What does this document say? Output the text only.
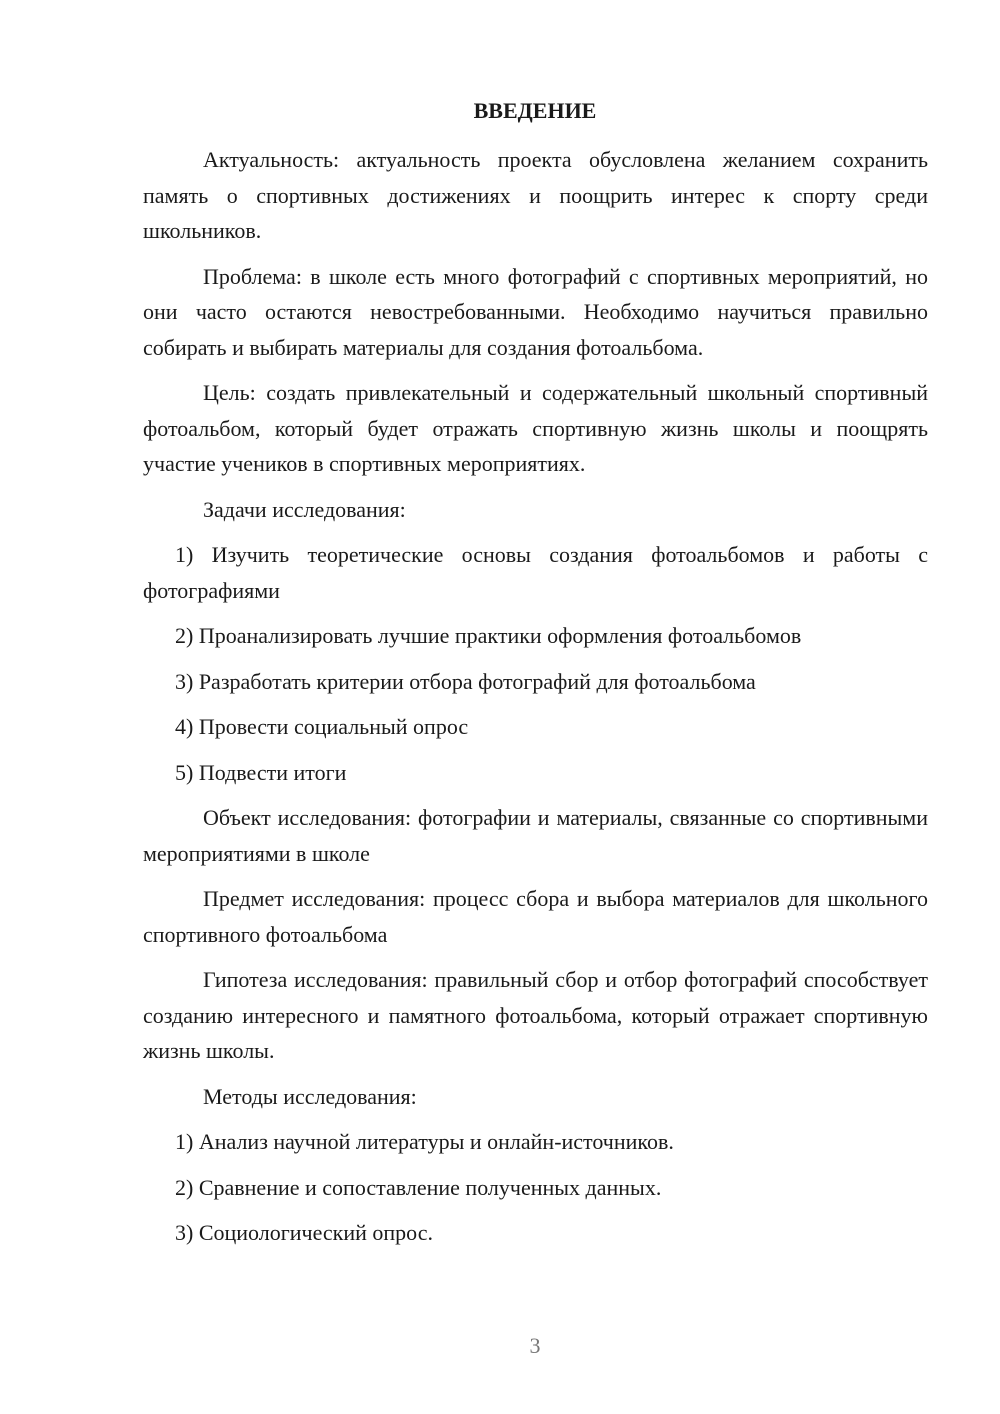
ВВЕДЕНИЕ

Актуальность: актуальность проекта обусловлена желанием сохранить память о спортивных достижениях и поощрить интерес к спорту среди школьников.

Проблема: в школе есть много фотографий с спортивных мероприятий, но они часто остаются невостребованными. Необходимо научиться правильно собирать и выбирать материалы для создания фотоальбома.

Цель: создать привлекательный и содержательный школьный спортивный фотоальбом, который будет отражать спортивную жизнь школы и поощрять участие учеников в спортивных мероприятиях.

Задачи исследования:

1) Изучить теоретические основы создания фотоальбомов и работы с фотографиями

2) Проанализировать лучшие практики оформления фотоальбомов

3) Разработать критерии отбора фотографий для фотоальбома

4) Провести социальный опрос

5) Подвести итоги

Объект исследования: фотографии и материалы, связанные со спортивными мероприятиями в школе

Предмет исследования: процесс сбора и выбора материалов для школьного спортивного фотоальбома

Гипотеза исследования: правильный сбор и отбор фотографий способствует созданию интересного и памятного фотоальбома, который отражает спортивную жизнь школы.

Методы исследования:

1) Анализ научной литературы и онлайн-источников.

2) Сравнение и сопоставление полученных данных.

3) Социологический опрос.

3
